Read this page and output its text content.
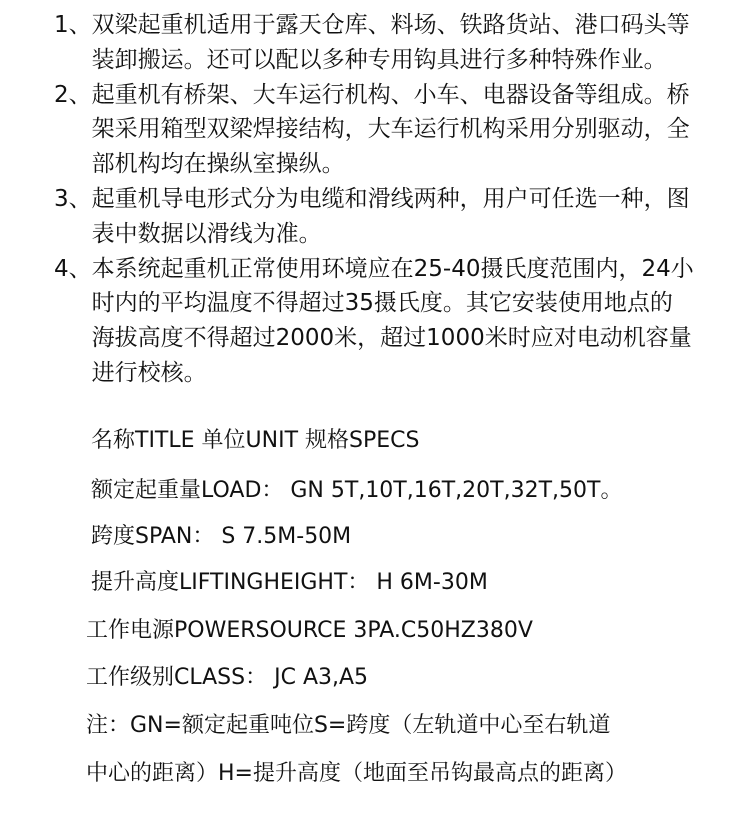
1、 双梁起重机适用于露天仓库、料场、铁路货站、港口码头等装卸搬运。还可以配以多种专用钩具进行多种特殊作业。
2、 起重机有桥架、大车运行机构、小车、电器设备等组成。桥架采用箱型双梁焊接结构，大车运行机构采用分别驱动，全部机构均在操纵室操纵。
3、 起重机导电形式分为电缆和滑线两种，用户可任选一种，图表中数据以滑线为准。
4、 本系统起重机正常使用环境应在25-40摄氏度范围内，24小时内的平均温度不得超过35摄氏度。其它安装使用地点的海拔高度不得超过2000米，超过1000米时应对电动机容量进行校核。
名称TITLE 单位UNIT 规格SPECS
额定起重量LOAD： GN 5T,10T,16T,20T,32T,50T。
跨度SPAN： S 7.5M-50M
提升高度LIFTINGHEIGHT： H 6M-30M
工作电源POWERSOURCE 3PA.C50HZ380V
工作级别CLASS： JC A3,A5
注：GN=额定起重吨位S=跨度（左轨道中心至右轨道
中心的距离）H=提升高度（地面至吊钩最高点的距离）
